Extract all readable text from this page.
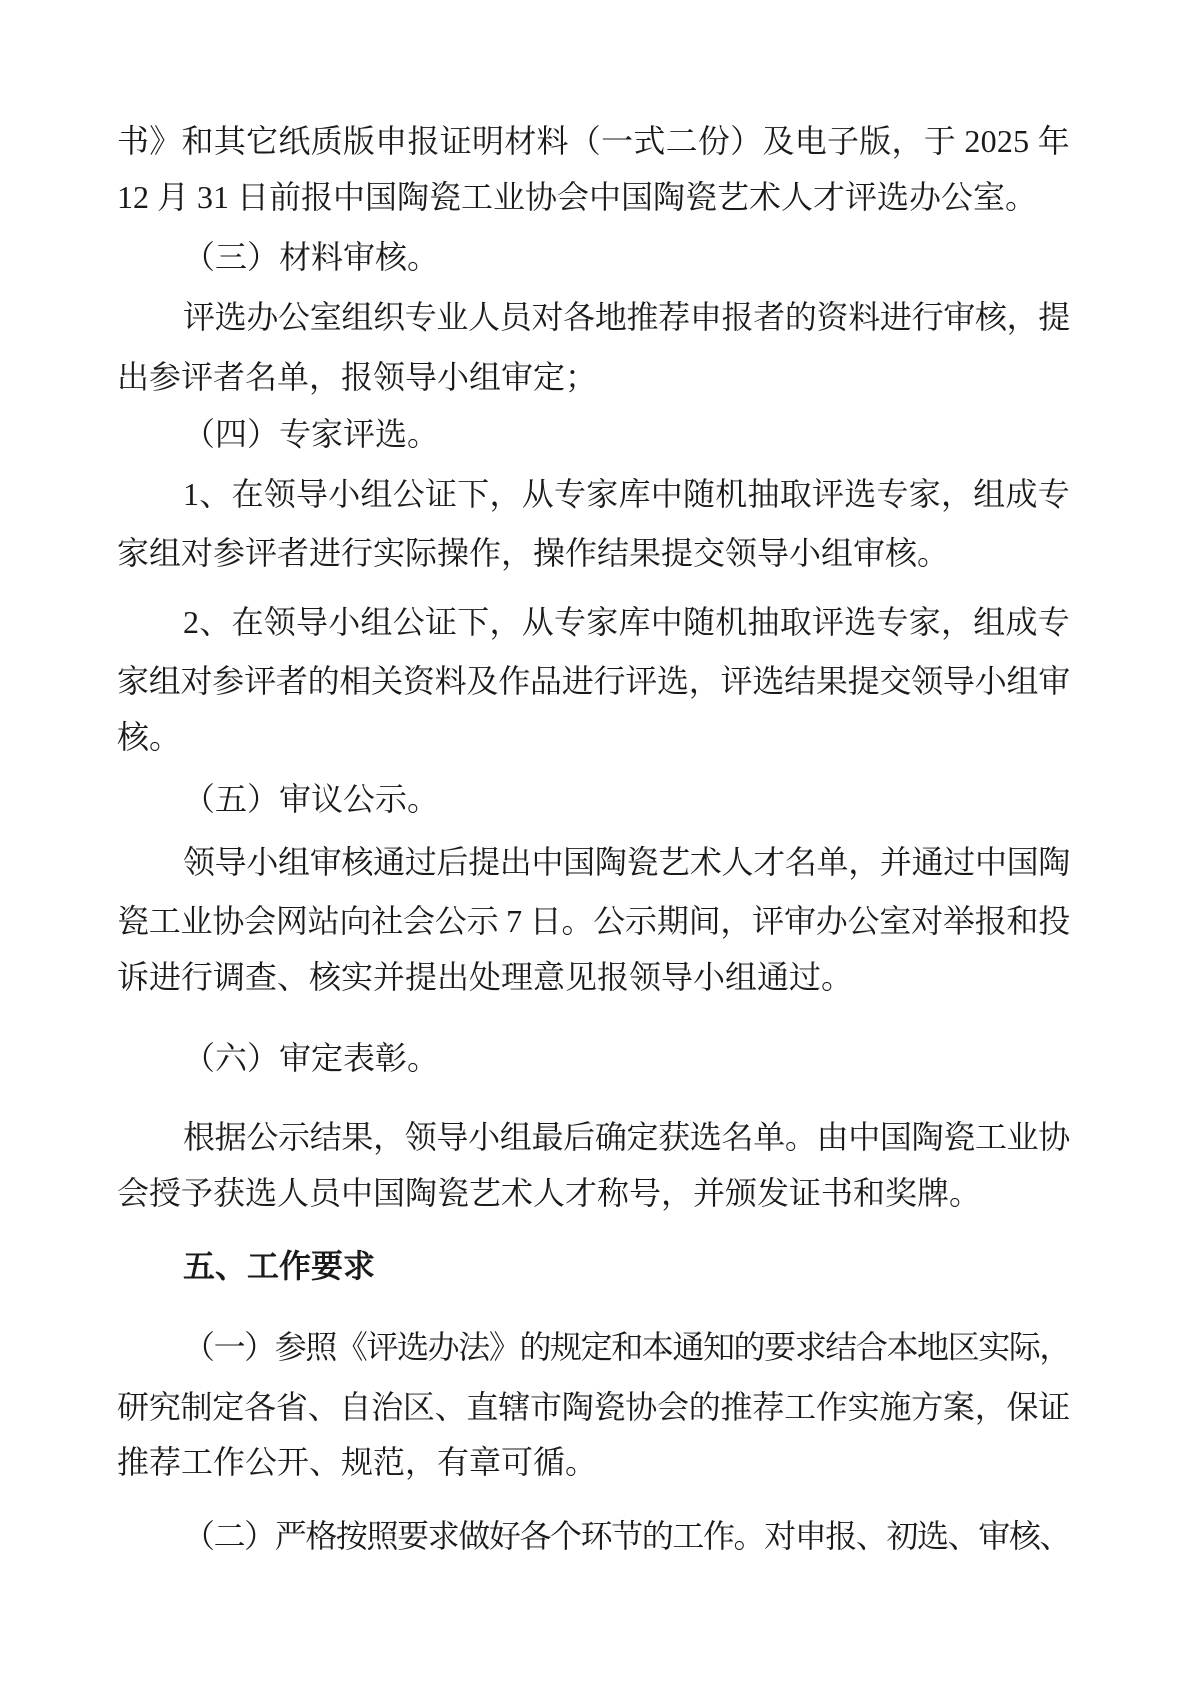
书》和其它纸质版申报证明材料（一式二份）及电子版，于 2025 年
12 月 31 日前报中国陶瓷工业协会中国陶瓷艺术人才评选办公室。
（三）材料审核。
评选办公室组织专业人员对各地推荐申报者的资料进行审核，提
出参评者名单，报领导小组审定；
（四）专家评选。
1、在领导小组公证下，从专家库中随机抽取评选专家，组成专
家组对参评者进行实际操作，操作结果提交领导小组审核。
2、在领导小组公证下，从专家库中随机抽取评选专家，组成专
家组对参评者的相关资料及作品进行评选，评选结果提交领导小组审
核。
（五）审议公示。
领导小组审核通过后提出中国陶瓷艺术人才名单，并通过中国陶
瓷工业协会网站向社会公示 7 日。公示期间，评审办公室对举报和投
诉进行调查、核实并提出处理意见报领导小组通过。
（六）审定表彰。
根据公示结果，领导小组最后确定获选名单。由中国陶瓷工业协
会授予获选人员中国陶瓷艺术人才称号，并颁发证书和奖牌。
五、工作要求
（一）参照《评选办法》的规定和本通知的要求结合本地区实际，
研究制定各省、自治区、直辖市陶瓷协会的推荐工作实施方案，保证
推荐工作公开、规范，有章可循。
（二）严格按照要求做好各个环节的工作。对申报、初选、审核、
